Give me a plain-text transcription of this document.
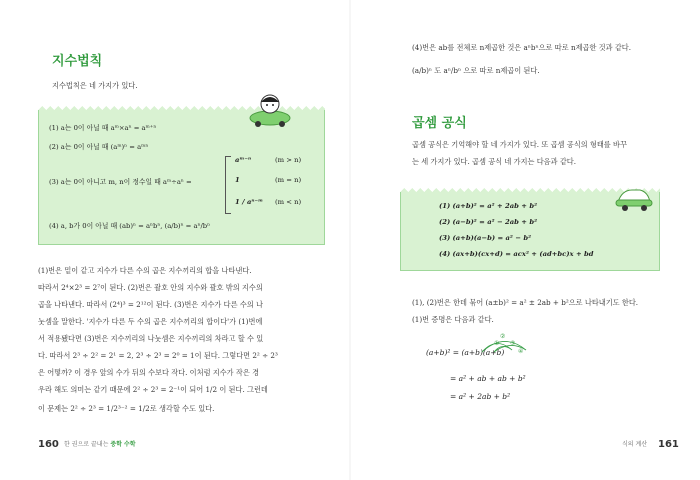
지수법칙
지수법칙은 네 가지가 있다.
(1) a는 0이 아닐 때 aᵐ×aⁿ = aᵐ⁺ⁿ
(2) a는 0이 아닐 때 (aᵐ)ⁿ = aᵐⁿ
(3) a는 0이 아니고 m, n이 정수일 때 aᵐ÷aⁿ =
aᵐ⁻ⁿ	(m > n)
1	(m = n)
1 / aⁿ⁻ᵐ (m < n)
(4) a, b가 0이 아닐 때 (ab)ⁿ = aⁿbⁿ, (a/b)ⁿ = aⁿ/bⁿ
(1)번은 밑이 같고 지수가 다른 수의 곱은 지수끼리의 합을 나타낸다.
따라서 2⁴×2³ = 2⁷이 된다. (2)번은 괄호 안의 지수와 괄호 밖의 지수의
곱을 나타낸다. 따라서 (2⁴)³ = 2¹²이 된다. (3)번은 지수가 다른 수의 나
눗셈을 말한다. '지수가 다른 두 수의 곱은 지수끼리의 합이다'가 (1)번에
서 적용됐다면 (3)번은 지수끼리의 나눗셈은 지수끼리의 차라고 할 수 있
다. 따라서 2³ ÷ 2² = 2¹ = 2, 2³ ÷ 2³ = 2⁰ = 1이 된다. 그렇다면 2² ÷ 2³
은 어떻까? 이 경우 앞의 수가 뒤의 수보다 작다. 이처럼 지수가 작은 경
우라 해도 의미는 같기 때문에 2² ÷ 2³ = 2⁻¹이 되어 1/2 이 된다. 그런데
이 문제는 2² ÷ 2³ = 1/2³⁻² = 1/2로 생각할 수도 있다.
160 한 권으로 끝내는 중학 수학
(4)번은 ab를 전체로 n제곱한 것은 aⁿbⁿ으로 따로 n제곱한 것과 같다.
(a/b)ⁿ 도 aⁿ/bⁿ 으로 따로 n제곱이 된다.
곱셈 공식
곱셈 공식은 기억해야 할 네 가지가 있다. 또 곱셈 공식의 형태를 바꾸
는 세 가지가 있다. 곱셈 공식 네 가지는 다음과 같다.
(1) (a+b)² = a² + 2ab + b²
(2) (a−b)² = a² − 2ab + b²
(3) (a+b)(a−b) = a² − b²
(4) (ax+b)(cx+d) = acx² + (ad+bc)x + bd
(1), (2)번은 한데 묶어 (a±b)² = a² ± 2ab + b²으로 나타내기도 한다.
(1)번 증명은 다음과 같다.
(a+b)² = (a+b)(a+b)
= a² + ab + ab + b²
= a² + 2ab + b²
②
① ③
④
식의 계산 161
